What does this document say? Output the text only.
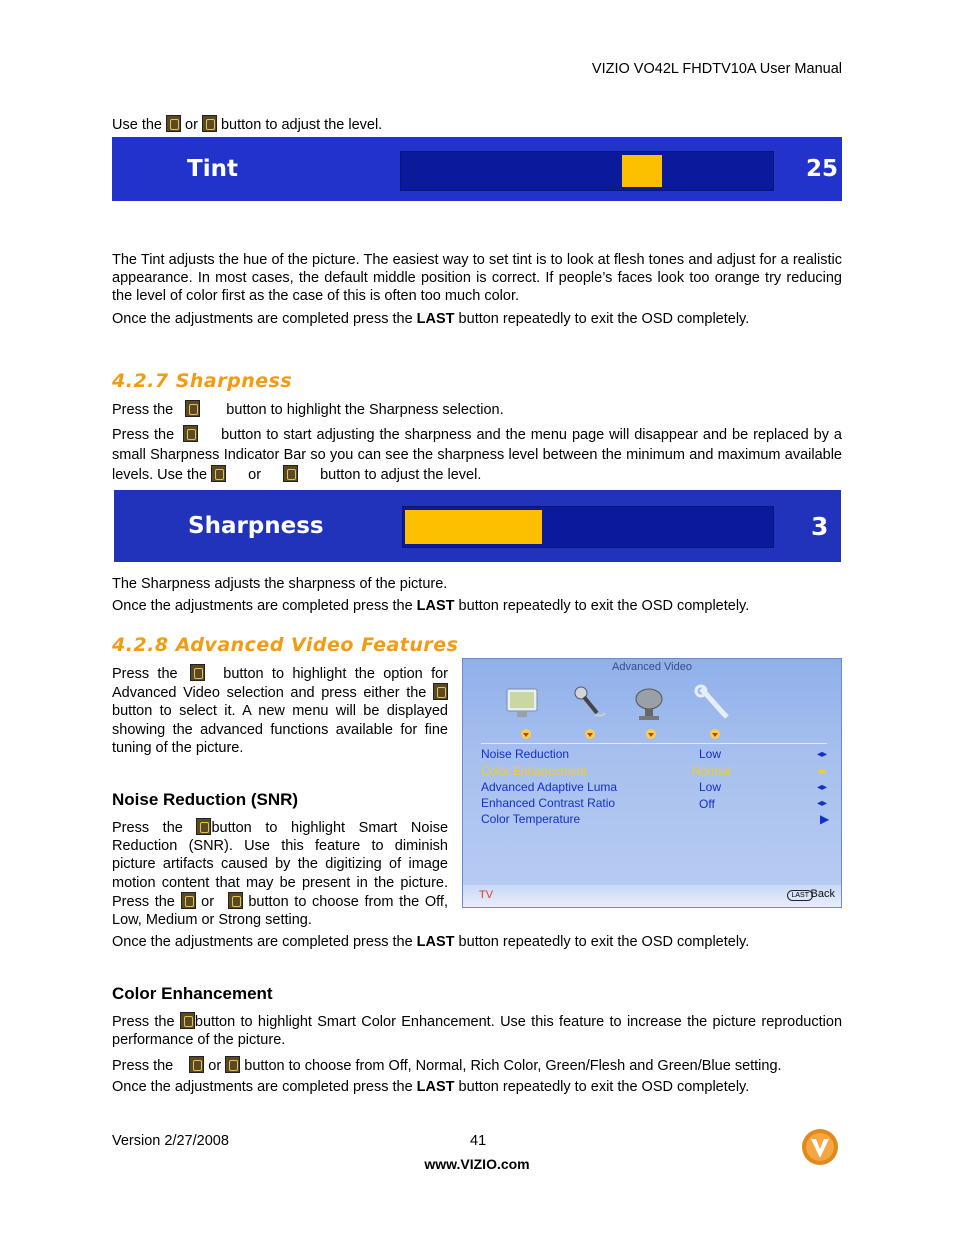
VIZIO VO42L FHDTV10A User Manual
Use the  or  button to adjust the level.
Tint	25
The Tint adjusts the hue of the picture. The easiest way to set tint is to look at flesh tones and adjust for a realistic appearance. In most cases, the default middle position is correct. If people’s faces look too orange try reducing the level of color first as the case of this is often too much color.
Once the adjustments are completed press the LAST button repeatedly to exit the OSD completely.
4.2.7 Sharpness
Press the	button to highlight the Sharpness selection.
Press the	button to start adjusting the sharpness and the menu page will disappear and be replaced by a small Sharpness Indicator Bar so you can see the sharpness level between the minimum and maximum available levels. Use the  or	button to adjust the level.
Sharpness	3
The Sharpness adjusts the sharpness of the picture.
Once the adjustments are completed press the LAST button repeatedly to exit the OSD completely.
4.2.8 Advanced Video Features
Press the  button to highlight the option for Advanced Video selection and press either the  button to select it. A new menu will be displayed showing the advanced functions available for fine tuning of the picture.
Noise Reduction (SNR)
Press the button to highlight Smart Noise Reduction (SNR). Use this feature to diminish picture artifacts caused by the digitizing of image motion content that may be present in the picture. Press the  or  button to choose from the Off, Low, Medium or Strong setting.
Advanced Video
Noise Reduction	Low	◂▸
Color Enhancement	Normal	◂▸
Advanced Adaptive Luma	Low	◂▸
Enhanced Contrast Ratio	Off	◂▸
Color Temperature	▶
TV	LAST Back
Once the adjustments are completed press the LAST button repeatedly to exit the OSD completely.
Color Enhancement
Press the button to highlight Smart Color Enhancement. Use this feature to increase the picture reproduction performance of the picture.
Press the  or  button to choose from Off, Normal, Rich Color, Green/Flesh and Green/Blue setting.
Once the adjustments are completed press the LAST button repeatedly to exit the OSD completely.
Version 2/27/2008	41
www.VIZIO.com
